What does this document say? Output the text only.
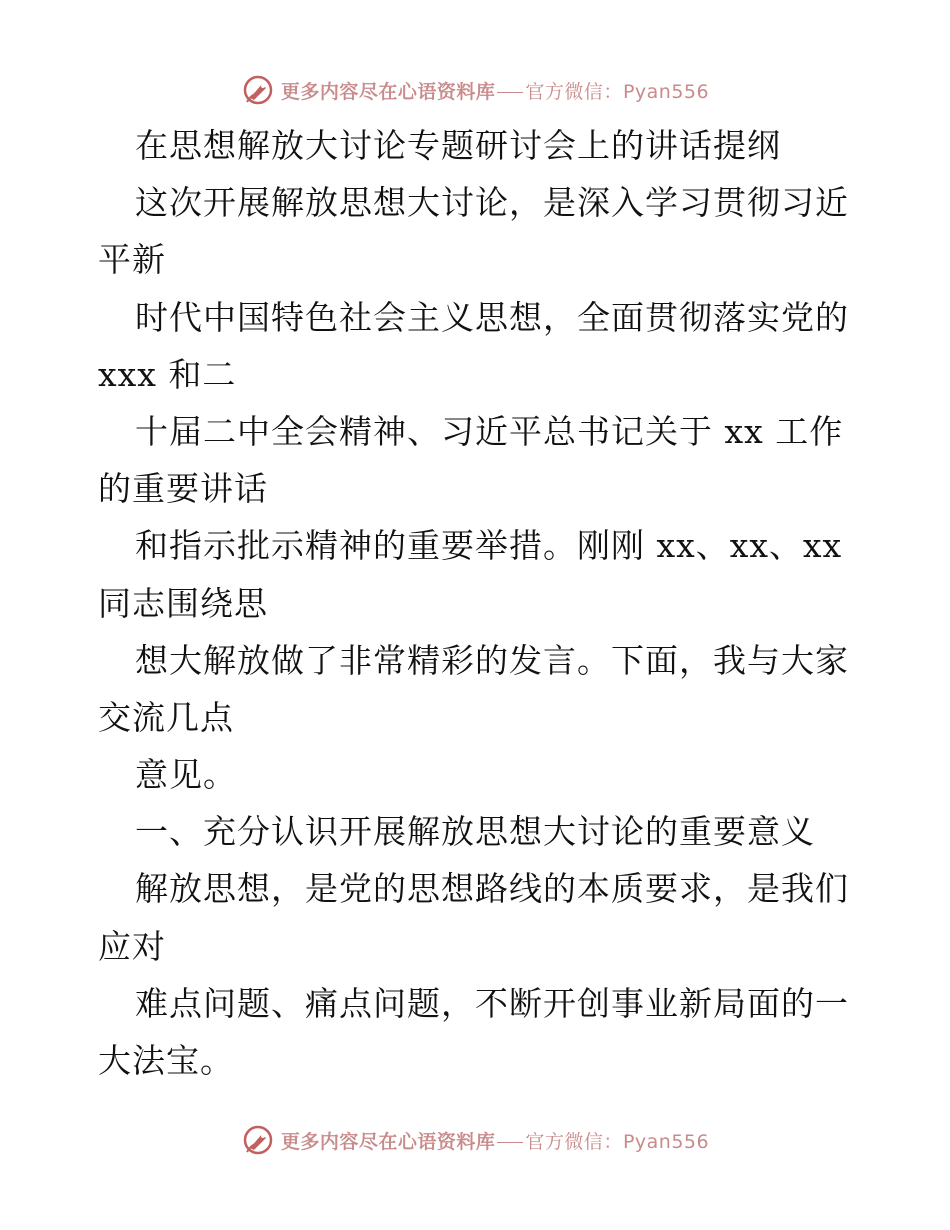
更多内容尽在心语资料库 官方微信：Pyan556
在思想解放大讨论专题研讨会上的讲话提纲
这次开展解放思想大讨论，是深入学习贯彻习近
平新
时代中国特色社会主义思想，全面贯彻落实党的
xxx 和二
十届二中全会精神、习近平总书记关于 xx 工作
的重要讲话
和指示批示精神的重要举措。刚刚 xx、xx、xx
同志围绕思
想大解放做了非常精彩的发言。下面，我与大家
交流几点
意见。
一、充分认识开展解放思想大讨论的重要意义
解放思想，是党的思想路线的本质要求，是我们
应对
难点问题、痛点问题，不断开创事业新局面的一
大法宝。
更多内容尽在心语资料库 官方微信：Pyan556
